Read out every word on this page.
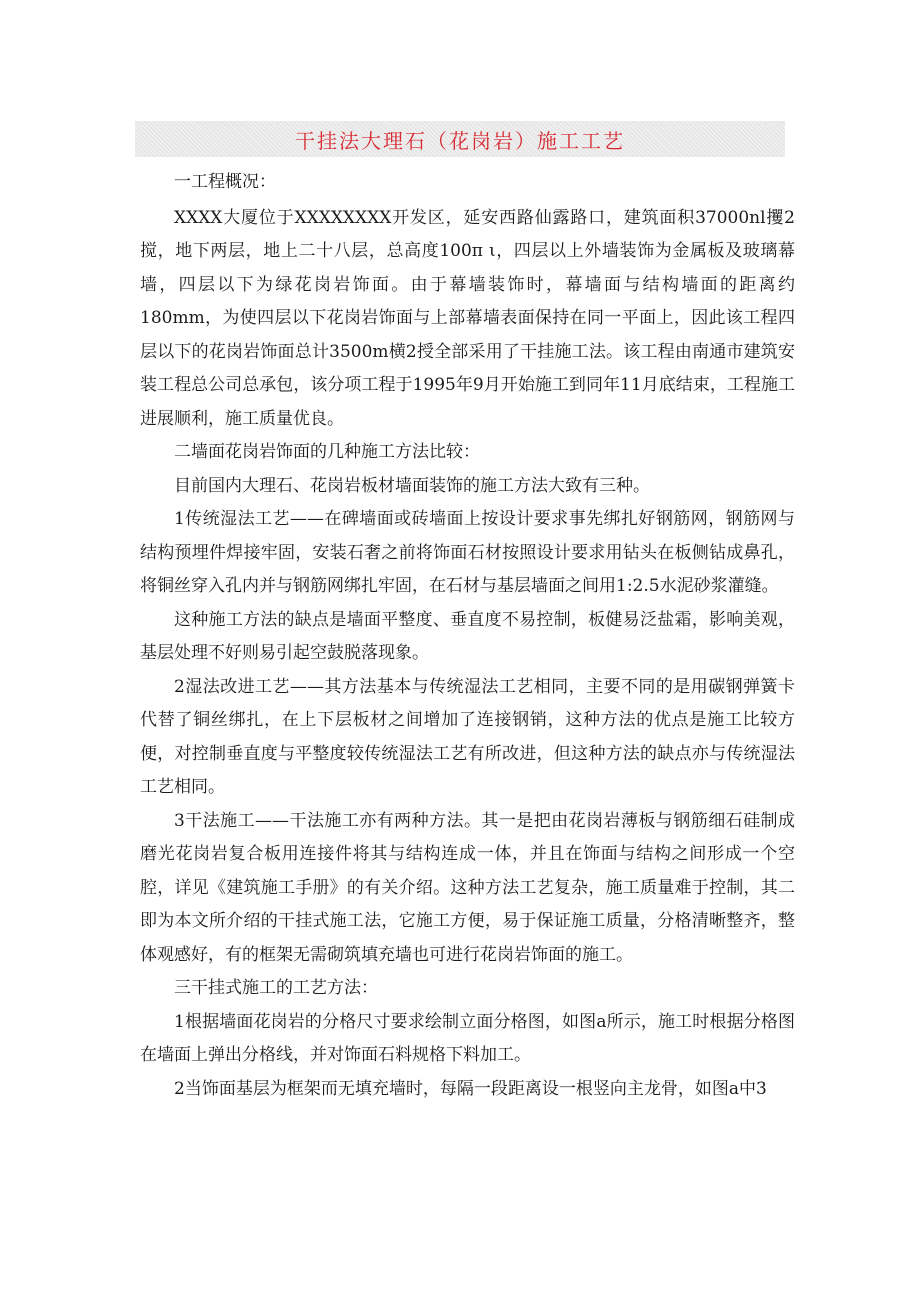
干挂法大理石（花岗岩）施工工艺

一工程概况：

XXXX大厦位于XXXXXXXX开发区，延安西路仙露路口，建筑面积37000nl攫2搅，地下两层，地上二十八层，总高度100π ι，四层以上外墙装饰为金属板及玻璃幕墙，四层以下为绿花岗岩饰面。由于幕墙装饰时，幕墙面与结构墙面的距离约180mm，为使四层以下花岗岩饰面与上部幕墙表面保持在同一平面上，因此该工程四层以下的花岗岩饰面总计3500m横2授全部采用了干挂施工法。该工程由南通市建筑安装工程总公司总承包，该分项工程于1995年9月开始施工到同年11月底结束，工程施工进展顺利，施工质量优良。

二墙面花岗岩饰面的几种施工方法比较：

目前国内大理石、花岗岩板材墙面装饰的施工方法大致有三种。

1传统湿法工艺——在碑墙面或砖墙面上按设计要求事先绑扎好钢筋网，钢筋网与结构预埋件焊接牢固，安装石奢之前将饰面石材按照设计要求用钻头在板侧钻成鼻孔，将铜丝穿入孔内并与钢筋网绑扎牢固，在石材与基层墙面之间用1:2.5水泥砂浆灌缝。

这种施工方法的缺点是墙面平整度、垂直度不易控制，板健易泛盐霜，影响美观，基层处理不好则易引起空鼓脱落现象。

2湿法改进工艺——其方法基本与传统湿法工艺相同，主要不同的是用碳钢弹簧卡代替了铜丝绑扎，在上下层板材之间增加了连接钢销，这种方法的优点是施工比较方便，对控制垂直度与平整度较传统湿法工艺有所改进，但这种方法的缺点亦与传统湿法工艺相同。

3干法施工——干法施工亦有两种方法。其一是把由花岗岩薄板与钢筋细石硅制成磨光花岗岩复合板用连接件将其与结构连成一体，并且在饰面与结构之间形成一个空腔，详见《建筑施工手册》的有关介绍。这种方法工艺复杂，施工质量难于控制，其二即为本文所介绍的干挂式施工法，它施工方便，易于保证施工质量，分格清晰整齐，整体观感好，有的框架无需砌筑填充墙也可进行花岗岩饰面的施工。

三干挂式施工的工艺方法：

1根据墙面花岗岩的分格尺寸要求绘制立面分格图，如图a所示，施工时根据分格图在墙面上弹出分格线，并对饰面石料规格下料加工。

2当饰面基层为框架而无填充墙时，每隔一段距离设一根竖向主龙骨，如图a中3
